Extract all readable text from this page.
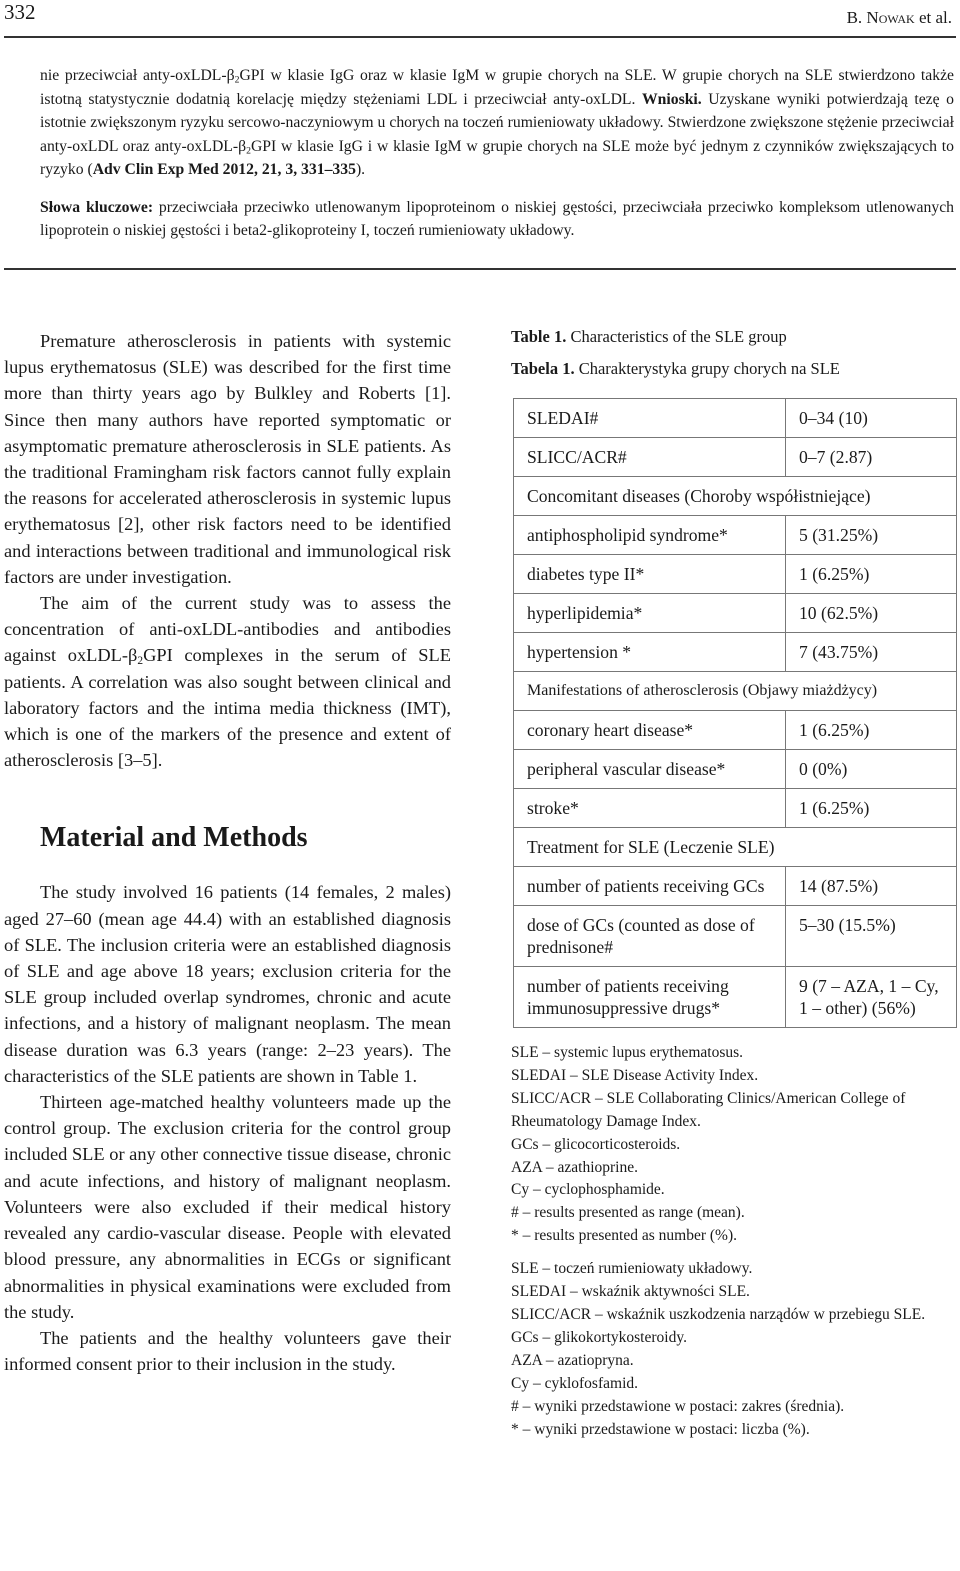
332	B. Nowak et al.

nie przeciwciał anty-$oxLDL-\beta_2GPI$ w klasie IgG oraz w klasie IgM w grupie chorych na SLE. W grupie chorych na SLE stwierdzono także istotną statystycznie dodatnią korelację między stężeniami LDL i przeciwciał anty-oxLDL. Wnioski. Uzyskane wyniki potwierdzają tezę o istotnie zwiększonym ryzyku sercowo-naczyniowym u chorych na toczeń rumieniowaty układowy. Stwierdzone zwiększone stężenie przeciwciał anty-oxLDL oraz anty-$oxLDL-\beta_2GPI$ w klasie IgG i w klasie IgM w grupie chorych na SLE może być jednym z czynników zwiększających to ryzyko (Adv Clin Exp Med 2012, 21, 3, 331–335).

Słowa kluczowe: przeciwciała przeciwko utlenowanym lipoproteinom o niskiej gęstości, przeciwciała przeciwko kompleksom utlenowanych lipoprotein o niskiej gęstości i beta2-glikoproteiny I, toczeń rumieniowaty układowy.

Premature atherosclerosis in patients with systemic lupus erythematosus (SLE) was described for the first time more than thirty years ago by Bulkley and Roberts [1]. Since then many authors have reported symptomatic or asymptomatic premature atherosclerosis in SLE patients. As the traditional Framingham risk factors cannot fully explain the reasons for accelerated atherosclerosis in systemic lupus erythematosus [2], other risk factors need to be identified and interactions between traditional and immunological risk factors are under investigation.

The aim of the current study was to assess the concentration of anti-oxLDL-antibodies and antibodies against oxLDL-$\beta_2GPI$ complexes in the serum of SLE patients. A correlation was also sought between clinical and laboratory factors and the intima media thickness (IMT), which is one of the markers of the presence and extent of atherosclerosis [3–5].

Material and Methods

The study involved 16 patients (14 females, 2 males) aged 27–60 (mean age 44.4) with an established diagnosis of SLE. The inclusion criteria were an established diagnosis of SLE and age above 18 years; exclusion criteria for the SLE group included overlap syndromes, chronic and acute infections, and a history of malignant neoplasm. The mean disease duration was 6.3 years (range: 2–23 years). The characteristics of the SLE patients are shown in Table 1.

Thirteen age-matched healthy volunteers made up the control group. The exclusion criteria for the control group included SLE or any other connective tissue disease, chronic and acute infections, and history of malignant neoplasm. Volunteers were also excluded if their medical history revealed any cardio-vascular disease. People with elevated blood pressure, any abnormalities in ECGs or significant abnormalities in physical examinations were excluded from the study.

The patients and the healthy volunteers gave their informed consent prior to their inclusion in the study.

Table 1. Characteristics of the SLE group

Tabela 1. Charakterystyka grupy chorych na SLE

SLEDAI#	0–34 (10)
SLICC/ACR#	0–7 (2.87)
Concomitant diseases (Choroby współistniejące)	
antiphospholipid syndrome*	5 (31.25%)
diabetes type II*	1 (6.25%)
hyperlipidemia*	10 (62.5%)
hypertension *	7 (43.75%)
Manifestations of atherosclerosis (Objawy miażdżycy)	
coronary heart disease*	1 (6.25%)
peripheral vascular disease*	0 (0%)
stroke*	1 (6.25%)
Treatment for SLE (Leczenie SLE)	
number of patients receiving GCs	14 (87.5%)
dose of GCs (counted as dose of prednisone#	5–30 (15.5%)
number of patients receiving immunosuppressive drugs*	9 (7 – AZA, 1 – Cy, 1 – other) (56%)

SLE – systemic lupus erythematosus.

SLEDAI – SLE Disease Activity Index.

SLICC/ACR – SLE Collaborating Clinics/American College of Rheumatology Damage Index.

GCs – glicocorticosteroids.

AZA – azathioprine.

Cy – cyclophosphamide.

# – results presented as range (mean).

* – results presented as number (%).

SLE – toczeń rumieniowaty układowy.

SLEDAI – wskaźnik aktywności SLE.

SLICC/ACR – wskaźnik uszkodzenia narządów w przebiegu SLE.

GCs – glikokortykosteroidy.

AZA – azatiopryna.

Cy – cyklofosfamid.

# – wyniki przedstawione w postaci: zakres (średnia).

* – wyniki przedstawione w postaci: liczba (%).
